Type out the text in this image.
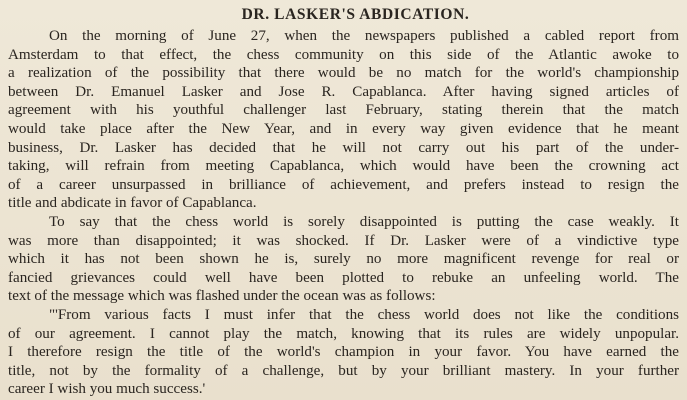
DR. LASKER'S ABDICATION.

On the morning of June 27, when the newspapers published a cabled report from

Amsterdam to that effect, the chess community on this side of the Atlantic awoke to

a realization of the possibility that there would be no match for the world's championship

between Dr. Emanuel Lasker and Jose R. Capablanca. After having signed articles of

agreement with his youthful challenger last February, stating therein that the match

would take place after the New Year, and in every way given evidence that he meant

business, Dr. Lasker has decided that he will not carry out his part of the under-

taking, will refrain from meeting Capablanca, which would have been the crowning act

of a career unsurpassed in brilliance of achievement, and prefers instead to resign the

title and abdicate in favor of Capablanca.

To say that the chess world is sorely disappointed is putting the case weakly. It

was more than disappointed; it was shocked. If Dr. Lasker were of a vindictive type

which it has not been shown he is, surely no more magnificent revenge for real or

fancied grievances could well have been plotted to rebuke an unfeeling world. The

text of the message which was flashed under the ocean was as follows:

"'From various facts I must infer that the chess world does not like the conditions

of our agreement. I cannot play the match, knowing that its rules are widely unpopular.

I therefore resign the title of the world's champion in your favor. You have earned the

title, not by the formality of a challenge, but by your brilliant mastery. In your further

career I wish you much success.'
